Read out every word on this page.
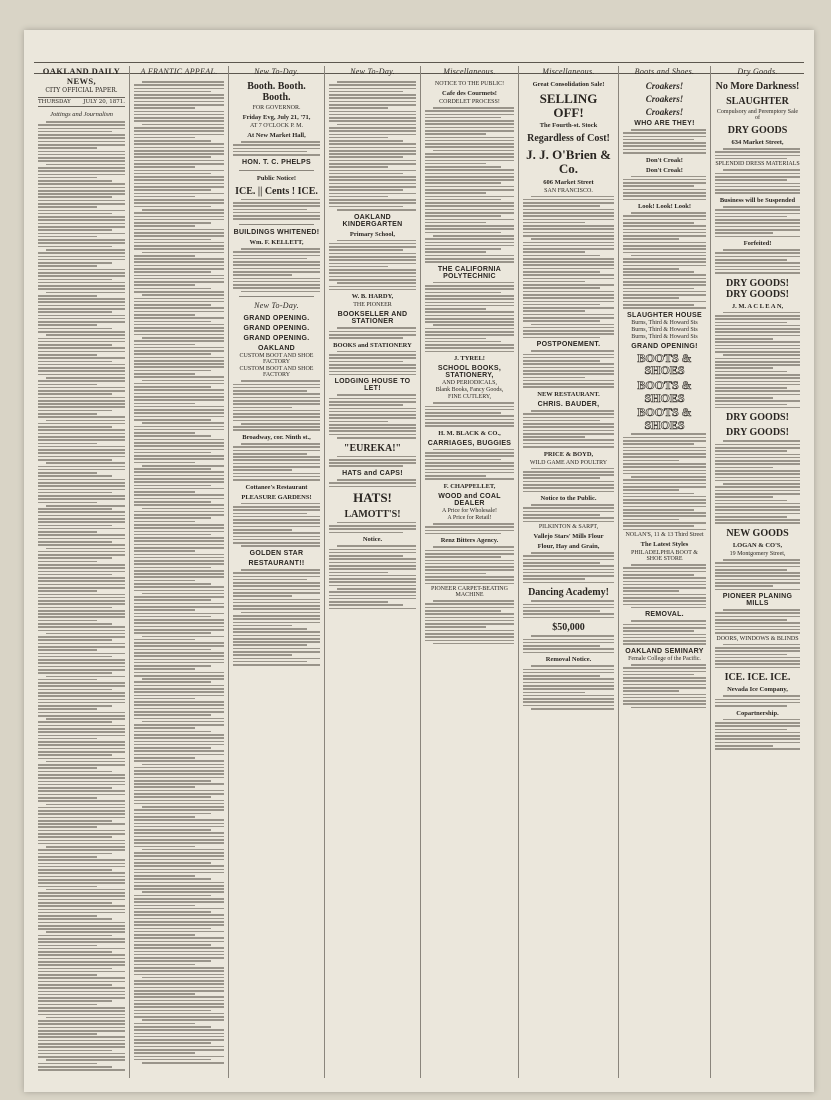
OAKLAND DAILY NEWS,
CITY OFFICIAL PAPER.
THURSDAY JULY 20, 1871.
Jottings and Journalism
A FRANTIC APPEAL.	New To-Day.
Booth. Booth. Booth.
FOR GOVERNOR.
Friday Evg, July 21, '71,
AT 7 O'CLOCK P. M.
At New Market Hall,
HON. T. C. PHELPS
Public Notice!
ICE. || Cents ! ICE.
BUILDINGS WHITENED!
Wm. F. KELLETT,
New To-Day.
GRAND OPENING.
GRAND OPENING.
GRAND OPENING.
OAKLAND
CUSTOM BOOT AND SHOE FACTORY
CUSTOM BOOT AND SHOE FACTORY
Broadway, cor. Ninth st.,
Cottanee's Restaurant
PLEASURE GARDENS!
GOLDEN STAR
RESTAURANT!!
New To-Day.
OAKLAND KINDERGARTEN
Primary School,
W. B. HARDY,
THE PIONEER
BOOKSELLER AND STATIONER
BOOKS and STATIONERY
LODGING HOUSE TO LET!
"EUREKA!"
HATS and CAPS!
HATS!
LAMOTT'S!
Notice.
Miscellaneous.
NOTICE TO THE PUBLIC!
Cafe des Courmets!
CORDELET PROCESS!
THE CALIFORNIA POLYTECHNIC
J. TYREL!
SCHOOL BOOKS, STATIONERY,
AND PERIODICALS,
Blank Books, Fancy Goods,
FINE CUTLERY,
H. M. BLACK & CO.,
CARRIAGES, BUGGIES
F. CHAPPELLET,
WOOD and COAL DEALER
A Price for Wholesale!
A Price for Retail!
Renz Bitters Agency.
PIONEER CARPET-BEATING MACHINE
Miscellaneous.
Great Consolidation Sale!
SELLING OFF!
The Fourth-st. Stock
Regardless of Cost!
J. J. O'Brien & Co.
606 Market Street
SAN FRANCISCO.
POSTPONEMENT.
NEW RESTAURANT.
CHRIS. BAUDER,
PRICE & BOYD,
WILD GAME AND POULTRY
Notice to the Public.
PILKINTON & SARPT,
Vallejo Stars' Mills Flour
Flour, Hay and Grain,
Dancing Academy!
$50,000
Removal Notice.
Boots and Shoes.
Croakers!
Croakers!
Croakers!
WHO ARE THEY!
Don't Croak!
Don't Croak!
Look! Look! Look!
SLAUGHTER HOUSE
Burns, Third & Howard Sts
Burns, Third & Howard Sts
Burns, Third & Howard Sts
GRAND OPENING!
BOOTS & SHOES
BOOTS & SHOES
BOOTS & SHOES
NOLAN'S, 11 & 13 Third Street
The Latest Styles
PHILADELPHIA BOOT & SHOE STORE
REMOVAL.
OAKLAND SEMINARY
Female College of the Pacific.
Dry Goods.
No More Darkness!
SLAUGHTER
Compulsory and Peremptory Sale of
DRY GOODS
634 Market Street,
SPLENDID DRESS MATERIALS
Business will be Suspended
Forfeited!
DRY GOODS! DRY GOODS!
J. M. A C L E A N,
DRY GOODS!
DRY GOODS!
NEW GOODS
LOGAN & CO'S,
19 Montgomery Street,
PIONEER PLANING MILLS
DOORS, WINDOWS & BLINDS
ICE. ICE. ICE.
Nevada Ice Company,
Copartnership.
